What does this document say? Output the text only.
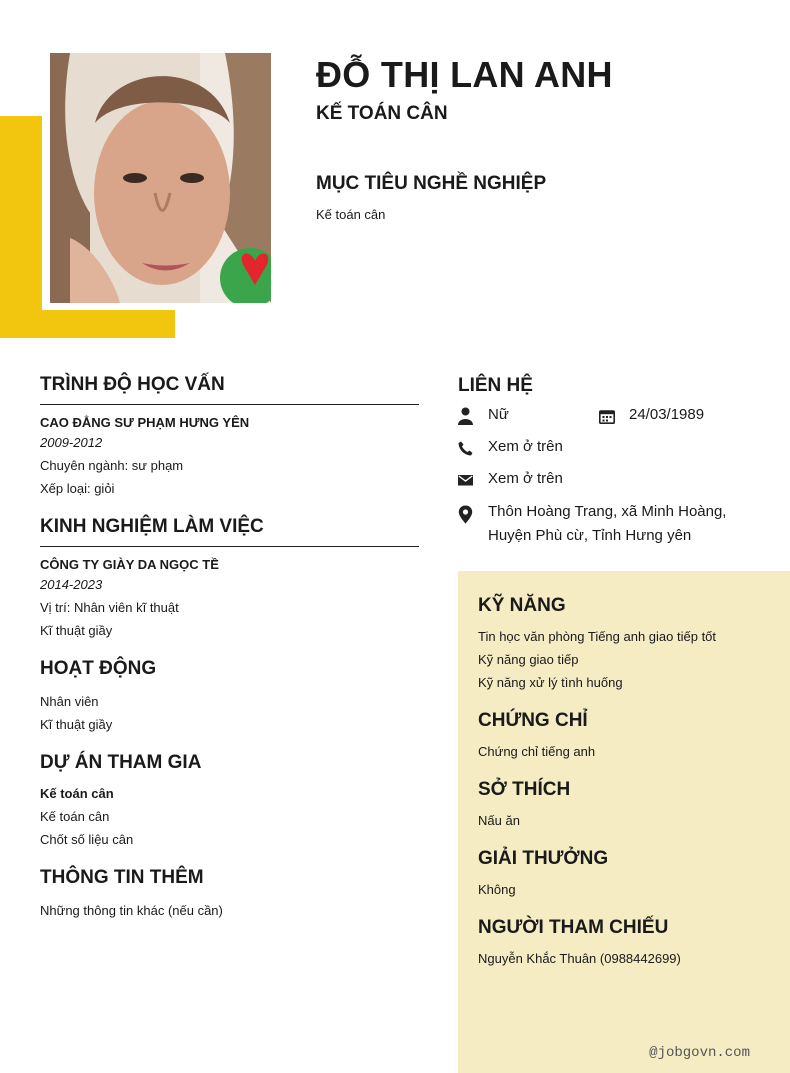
ĐỖ THỊ LAN ANH
KẾ TOÁN CÂN
MỤC TIÊU NGHỀ NGHIỆP
Kế toán cân
TRÌNH ĐỘ HỌC VẤN
CAO ĐẲNG SƯ PHẠM HƯNG YÊN
2009-2012
Chuyên ngành: sư phạm
Xếp loại: giỏi
KINH NGHIỆM LÀM VIỆC
CÔNG TY GIÀY DA NGỌC TỀ
2014-2023
Vị trí: Nhân viên kĩ thuật
Kĩ thuật giầy
HOẠT ĐỘNG
Nhân viên
Kĩ thuật giầy
DỰ ÁN THAM GIA
Kế toán cân
Kế toán cân
Chốt số liệu cân
THÔNG TIN THÊM
Những thông tin khác (nếu cần)
LIÊN HỆ
Nữ	24/03/1989
Xem ở trên
Xem ở trên
Thôn Hoàng Trang, xã Minh Hoàng, Huyện Phù cừ, Tỉnh Hưng yên
KỸ NĂNG
Tin học văn phòng Tiếng anh giao tiếp tốt
Kỹ năng giao tiếp
Kỹ năng xử lý tình huống
CHỨNG CHỈ
Chứng chỉ tiếng anh
SỞ THÍCH
Nấu ăn
GIẢI THƯỞNG
Không
NGƯỜI THAM CHIẾU
Nguyễn Khắc Thuân (0988442699)
@jobgovn.com
